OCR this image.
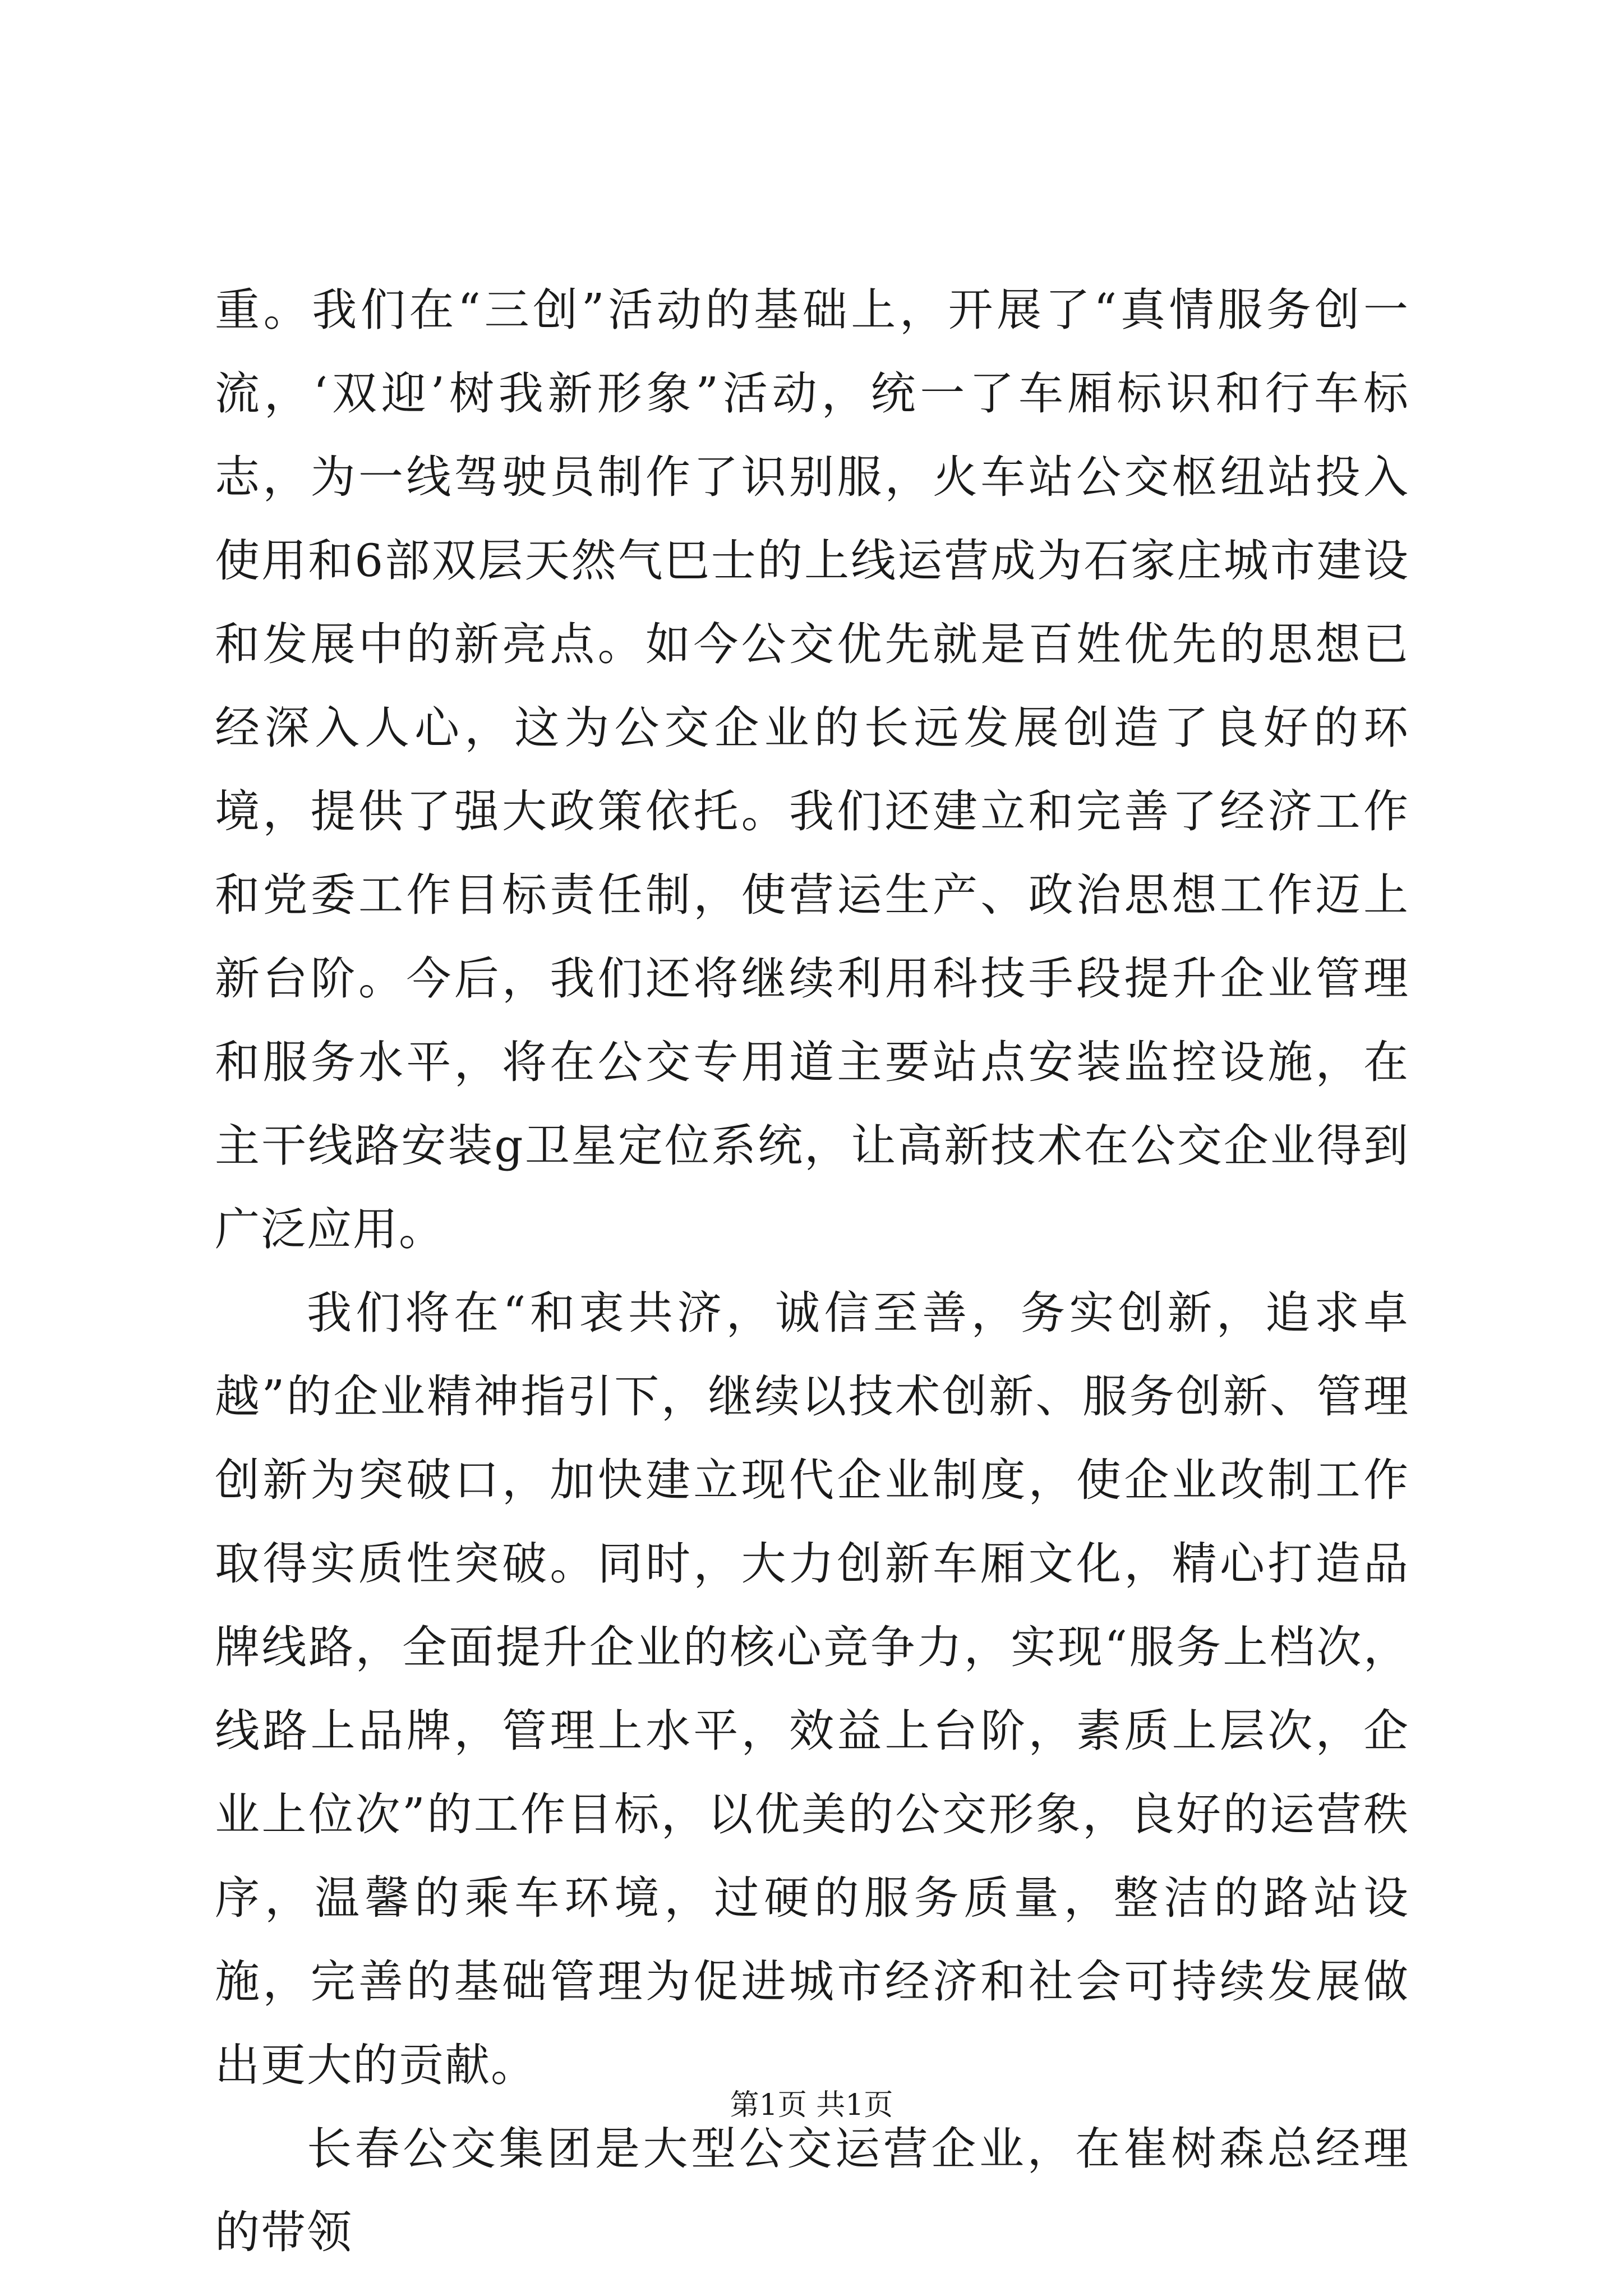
重。我们在“三创”活动的基础上，开展了“真情服务创一流，‘双迎’树我新形象”活动，统一了车厢标识和行车标志，为一线驾驶员制作了识别服，火车站公交枢纽站投入使用和6部双层天然气巴士的上线运营成为石家庄城市建设和发展中的新亮点。如今公交优先就是百姓优先的思想已经深入人心，这为公交企业的长远发展创造了良好的环境，提供了强大政策依托。我们还建立和完善了经济工作和党委工作目标责任制，使营运生产、政治思想工作迈上新台阶。今后，我们还将继续利用科技手段提升企业管理和服务水平，将在公交专用道主要站点安装监控设施，在主干线路安装g卫星定位系统，让高新技术在公交企业得到广泛应用。

我们将在“和衷共济，诚信至善，务实创新，追求卓越”的企业精神指引下，继续以技术创新、服务创新、管理创新为突破口，加快建立现代企业制度，使企业改制工作取得实质性突破。同时，大力创新车厢文化，精心打造品牌线路，全面提升企业的核心竞争力，实现“服务上档次，线路上品牌，管理上水平，效益上台阶，素质上层次，企业上位次”的工作目标，以优美的公交形象，良好的运营秩序，温馨的乘车环境，过硬的服务质量，整洁的路站设施，完善的基础管理为促进城市经济和社会可持续发展做出更大的贡献。

长春公交集团是大型公交运营企业，在崔树森总经理的带领

第1页 共1页
